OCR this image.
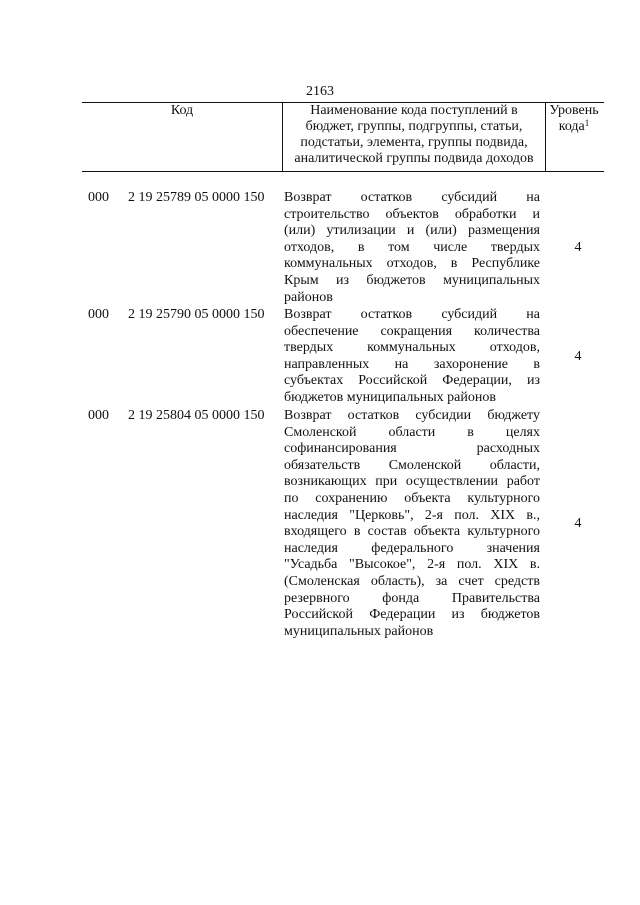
2163
Код	Наименование кода поступлений в
бюджет, группы, подгруппы, статьи,
подстатьи, элемента, группы подвида,
аналитической группы подвида доходов
Уровень
кода$^1$
000 2 19 25789 05 0000 150 Возврат остатков субсидий на
строительство объектов обработки и
(или) утилизации и (или) размещения
отходов, в том числе твердых
коммунальных отходов, в Республике
Крым из бюджетов муниципальных
районов
4
000 2 19 25790 05 0000 150 Возврат остатков субсидий на
обеспечение сокращения количества
твердых коммунальных отходов,
направленных на захоронение в
субъектах Российской Федерации, из
бюджетов муниципальных районов
4
000 2 19 25804 05 0000 150 Возврат остатков субсидии бюджету
Смоленской области в целях
софинансирования расходных
обязательств Смоленской области,
возникающих при осуществлении работ
по сохранению объекта культурного
наследия "Церковь", 2-я пол. XIX в.,
входящего в состав объекта культурного
наследия федерального значения
"Усадьба "Высокое", 2-я пол. XIX в.
(Смоленская область), за счет средств
резервного фонда Правительства
Российской Федерации из бюджетов
муниципальных районов
4
